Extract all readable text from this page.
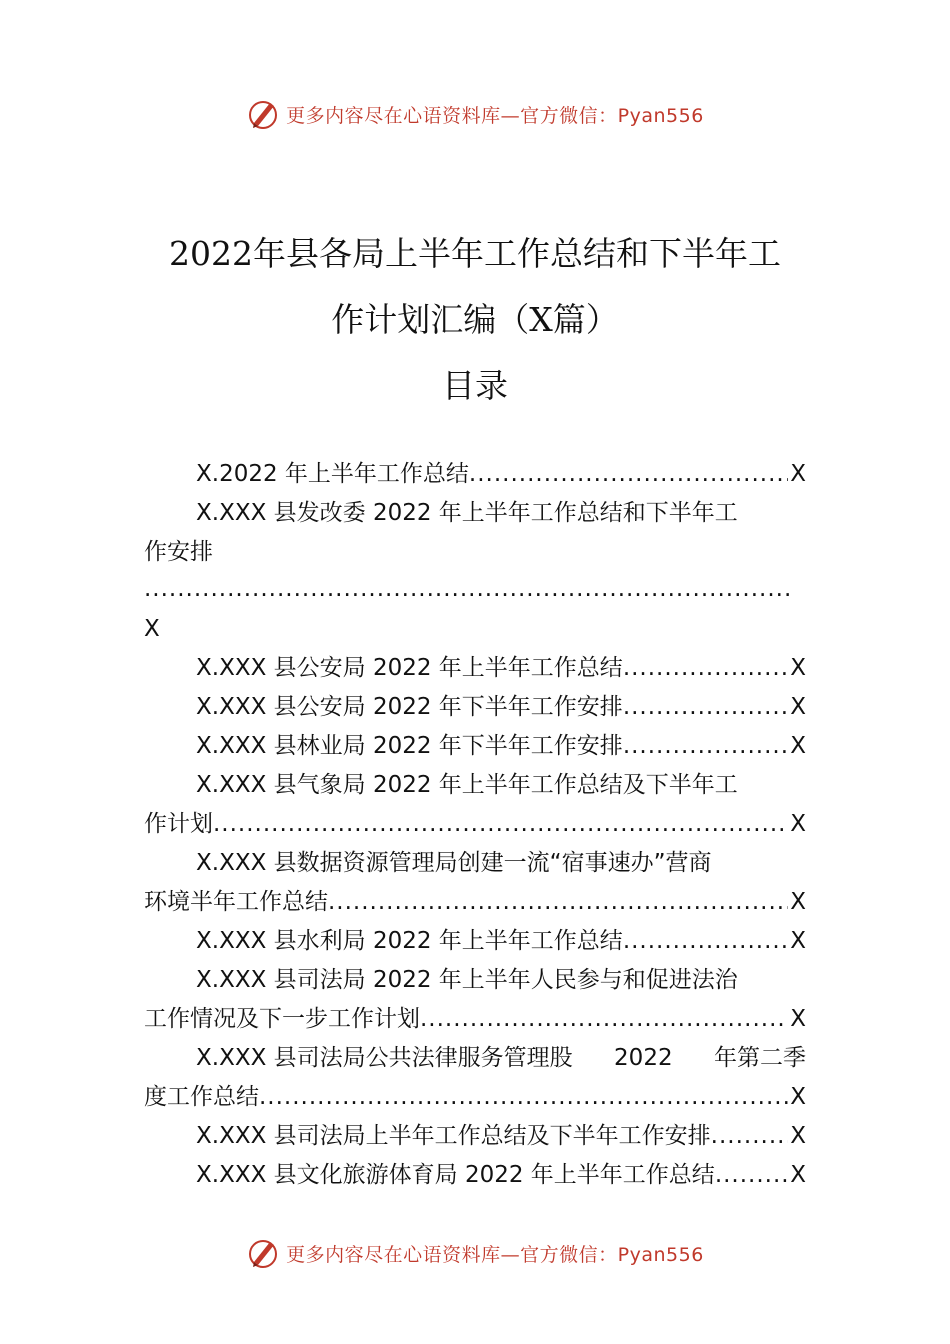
更多内容尽在心语资料库—官方微信：Pyan556
2022年县各局上半年工作总结和下半年工
作计划汇编（X篇）
目录
X.2022 年上半年工作总结 .....	X
X.XXX 县发改委 2022 年上半年工作总结和下半年工
作安排
.....
X
X.XXX 县公安局 2022 年上半年工作总结 .....	X
X.XXX 县公安局 2022 年下半年工作安排 .....	X
X.XXX 县林业局 2022 年下半年工作安排 .....	X
X.XXX 县气象局 2022 年上半年工作总结及下半年工
作计划 .....	X
X.XXX 县数据资源管理局创建一流“宿事速办”营商
环境半年工作总结 .....	X
X.XXX 县水利局 2022 年上半年工作总结 .....	X
X.XXX 县司法局 2022 年上半年人民参与和促进法治
工作情况及下一步工作计划 .....	X
X.XXX 县司法局公共法律服务管理股 2022 年第二季
度工作总结 .....	X
X.XXX 县司法局上半年工作总结及下半年工作安排 .....	X
X.XXX 县文化旅游体育局 2022 年上半年工作总结 .....	X
更多内容尽在心语资料库—官方微信：Pyan556
